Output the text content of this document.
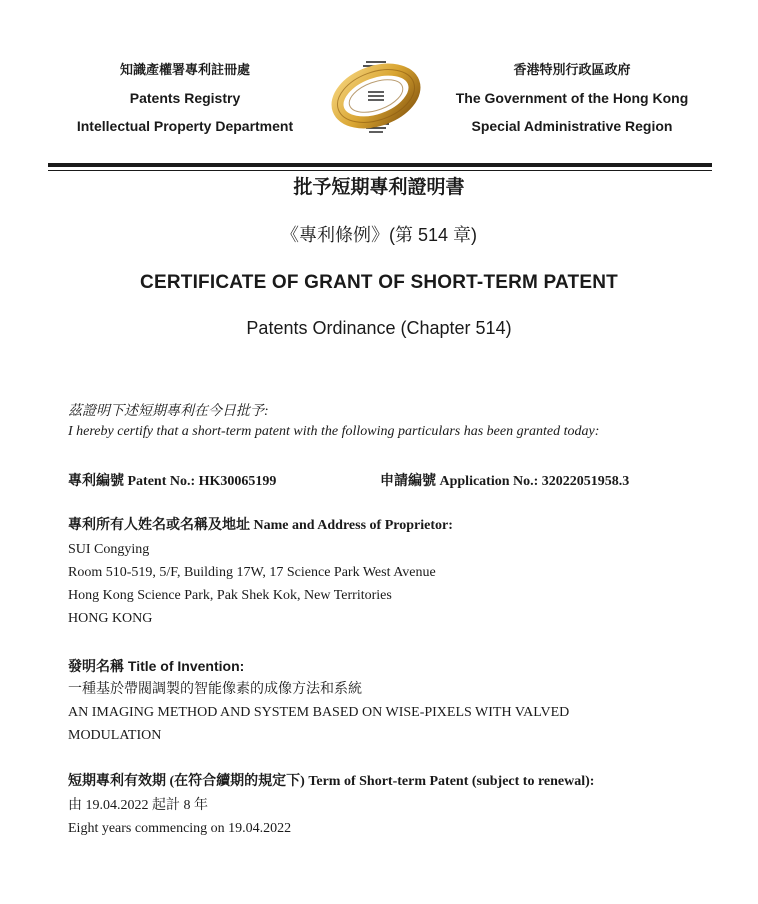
知識產權署專利註冊處
Patents Registry
Intellectual Property Department
香港特別行政區政府
The Government of the Hong Kong
Special Administrative Region
批予短期專利證明書
《專利條例》(第 514 章)
CERTIFICATE OF GRANT OF SHORT-TERM PATENT
Patents Ordinance (Chapter 514)
茲證明下述短期專利在今日批予:
I hereby certify that a short-term patent with the following particulars has been granted today:
專利編號 Patent No.: HK30065199	申請編號 Application No.: 32022051958.3
專利所有人姓名或名稱及地址 Name and Address of Proprietor:
SUI Congying
Room 510-519, 5/F, Building 17W, 17 Science Park West Avenue
Hong Kong Science Park, Pak Shek Kok, New Territories
HONG KONG
發明名稱 Title of Invention:
一種基於帶閥調製的智能像素的成像方法和系統
AN IMAGING METHOD AND SYSTEM BASED ON WISE-PIXELS WITH VALVED
MODULATION
短期專利有效期 (在符合續期的規定下) Term of Short-term Patent (subject to renewal):
由 19.04.2022 起計 8 年
Eight years commencing on 19.04.2022
